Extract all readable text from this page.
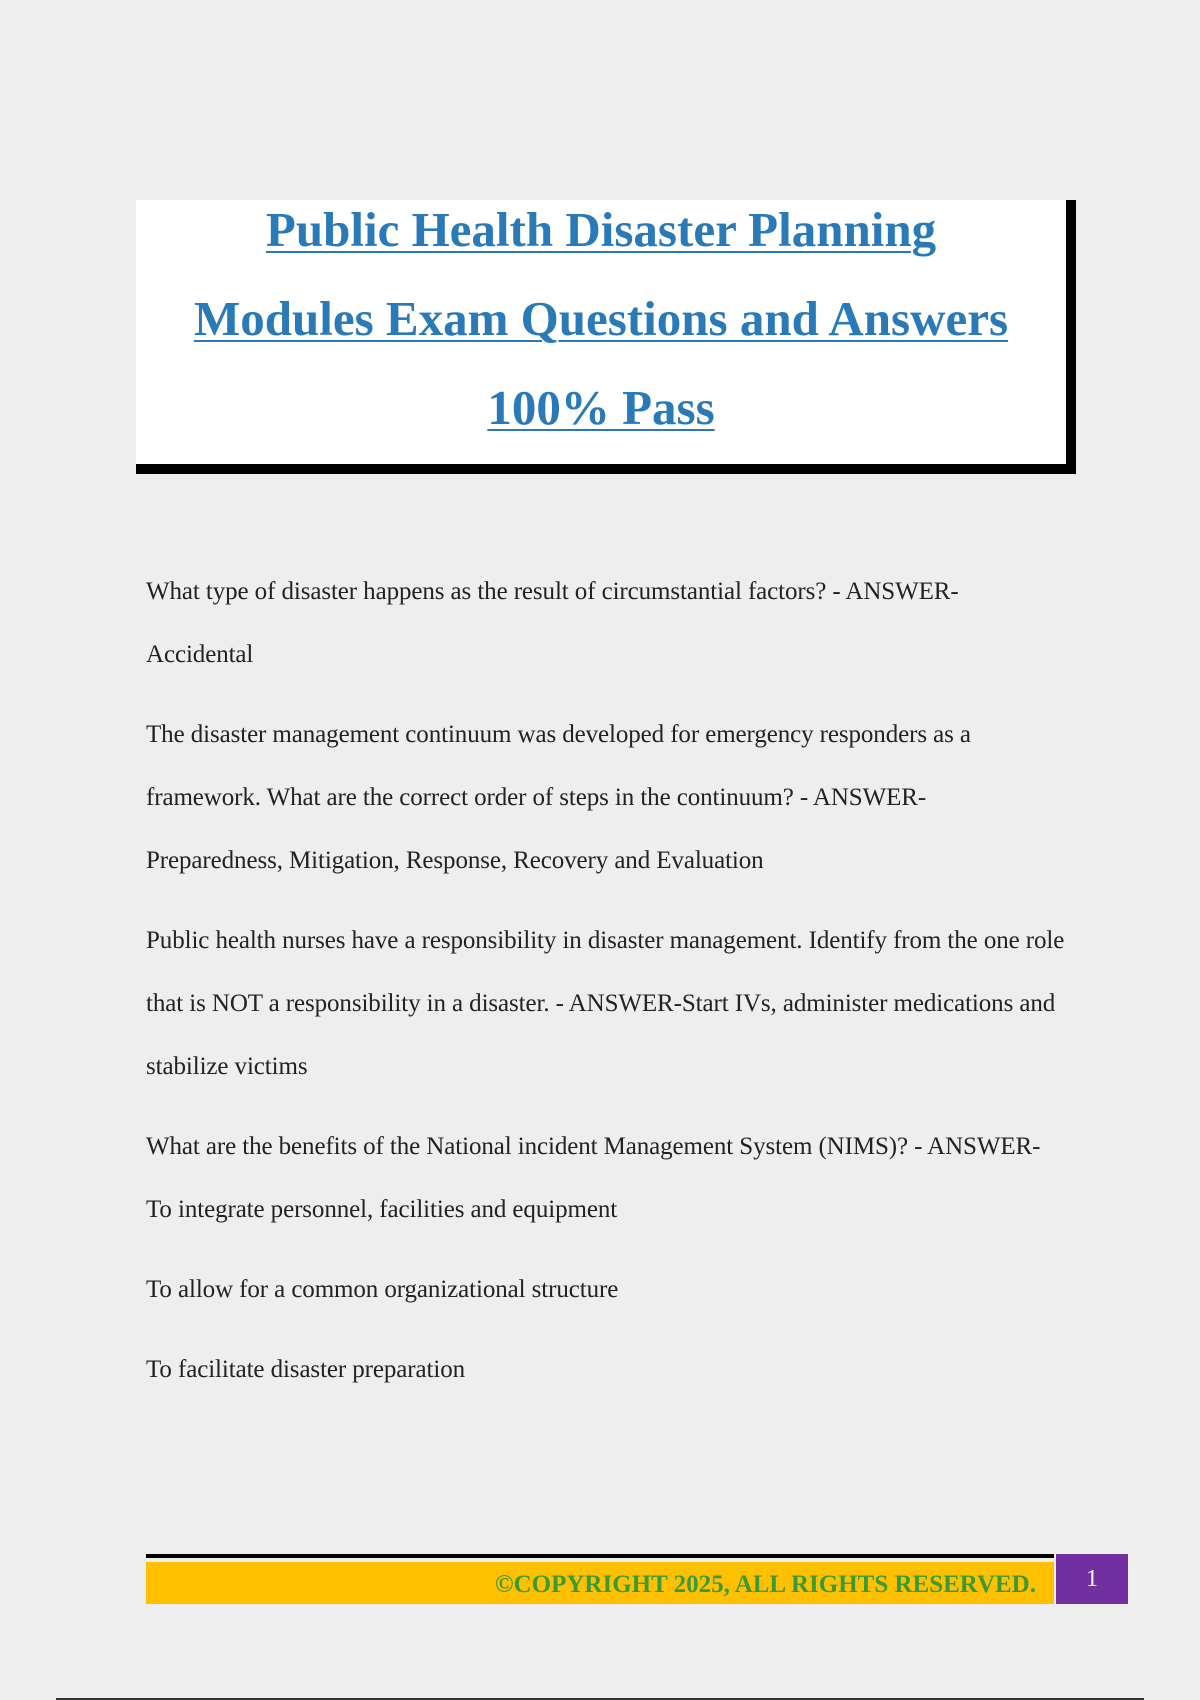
Public Health Disaster Planning
Modules Exam Questions and Answers
100% Pass

What type of disaster happens as the result of circumstantial factors? - ANSWER-
Accidental

The disaster management continuum was developed for emergency responders as a framework. What are the correct order of steps in the continuum? - ANSWER-
Preparedness, Mitigation, Response, Recovery and Evaluation

Public health nurses have a responsibility in disaster management. Identify from the one role that is NOT a responsibility in a disaster. - ANSWER-Start IVs, administer medications and stabilize victims

What are the benefits of the National incident Management System (NIMS)? - ANSWER-To integrate personnel, facilities and equipment

To allow for a common organizational structure

To facilitate disaster preparation

©COPYRIGHT 2025, ALL RIGHTS RESERVED.	1
